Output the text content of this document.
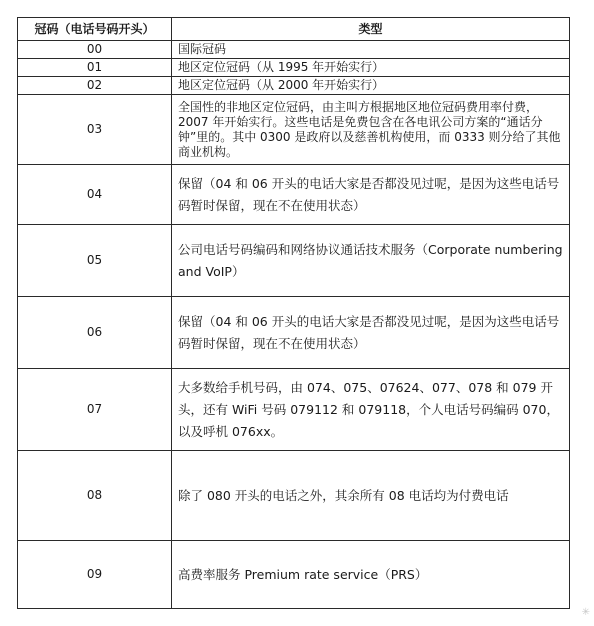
冠码（电话号码开头）	类型
00	国际冠码
01	地区定位冠码（从 1995 年开始实行）
02	地区定位冠码（从 2000 年开始实行）
03	全国性的非地区定位冠码，由主叫方根据地区地位冠码费用率付费，2007 年开始实行。这些电话是免费包含在各电讯公司方案的“通话分钟”里的。其中 0300 是政府以及慈善机构使用，而 0333 则分给了其他商业机构。
04	保留（04 和 06 开头的电话大家是否都没见过呢，是因为这些电话号码暂时保留，现在不在使用状态）
05	公司电话号码编码和网络协议通话技术服务（Corporate numbering and VoIP）
06	保留（04 和 06 开头的电话大家是否都没见过呢，是因为这些电话号码暂时保留，现在不在使用状态）
07	大多数给手机号码，由 074、075、07624、077、078 和 079 开头，还有 WiFi 号码 079112 和 079118，个人电话号码编码 070，以及呼机 076xx。
08	除了 080 开头的电话之外，其余所有 08 电话均为付费电话
09	高费率服务 Premium rate service（PRS）
✳
